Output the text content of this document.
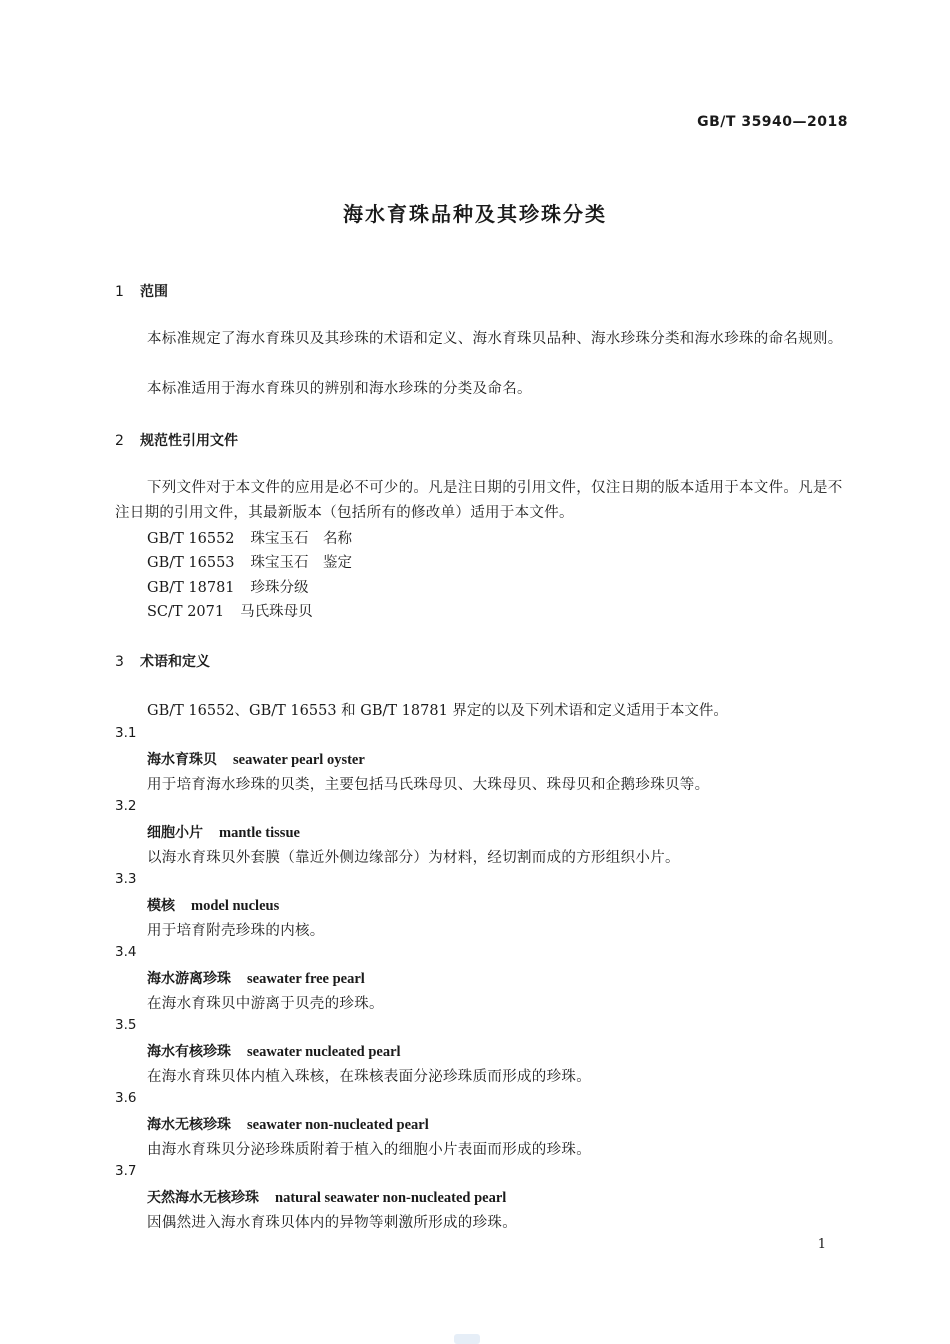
GB/T 35940—2018
海水育珠品种及其珍珠分类
1 范围
本标准规定了海水育珠贝及其珍珠的术语和定义、海水育珠贝品种、海水珍珠分类和海水珍珠的命名规则。
本标准适用于海水育珠贝的辨别和海水珍珠的分类及命名。
2 规范性引用文件
下列文件对于本文件的应用是必不可少的。凡是注日期的引用文件，仅注日期的版本适用于本文件。凡是不注日期的引用文件，其最新版本（包括所有的修改单）适用于本文件。
GB/T 16552 珠宝玉石　名称
GB/T 16553 珠宝玉石　鉴定
GB/T 18781 珍珠分级
SC/T 2071 马氏珠母贝
3 术语和定义
GB/T 16552、GB/T 16553 和 GB/T 18781 界定的以及下列术语和定义适用于本文件。
3.1
海水育珠贝 seawater pearl oyster
用于培育海水珍珠的贝类，主要包括马氏珠母贝、大珠母贝、珠母贝和企鹅珍珠贝等。
3.2
细胞小片 mantle tissue
以海水育珠贝外套膜（靠近外侧边缘部分）为材料，经切割而成的方形组织小片。
3.3
模核 model nucleus
用于培育附壳珍珠的内核。
3.4
海水游离珍珠 seawater free pearl
在海水育珠贝中游离于贝壳的珍珠。
3.5
海水有核珍珠 seawater nucleated pearl
在海水育珠贝体内植入珠核，在珠核表面分泌珍珠质而形成的珍珠。
3.6
海水无核珍珠 seawater non-nucleated pearl
由海水育珠贝分泌珍珠质附着于植入的细胞小片表面而形成的珍珠。
3.7
天然海水无核珍珠 natural seawater non-nucleated pearl
因偶然进入海水育珠贝体内的异物等刺激所形成的珍珠。
1
